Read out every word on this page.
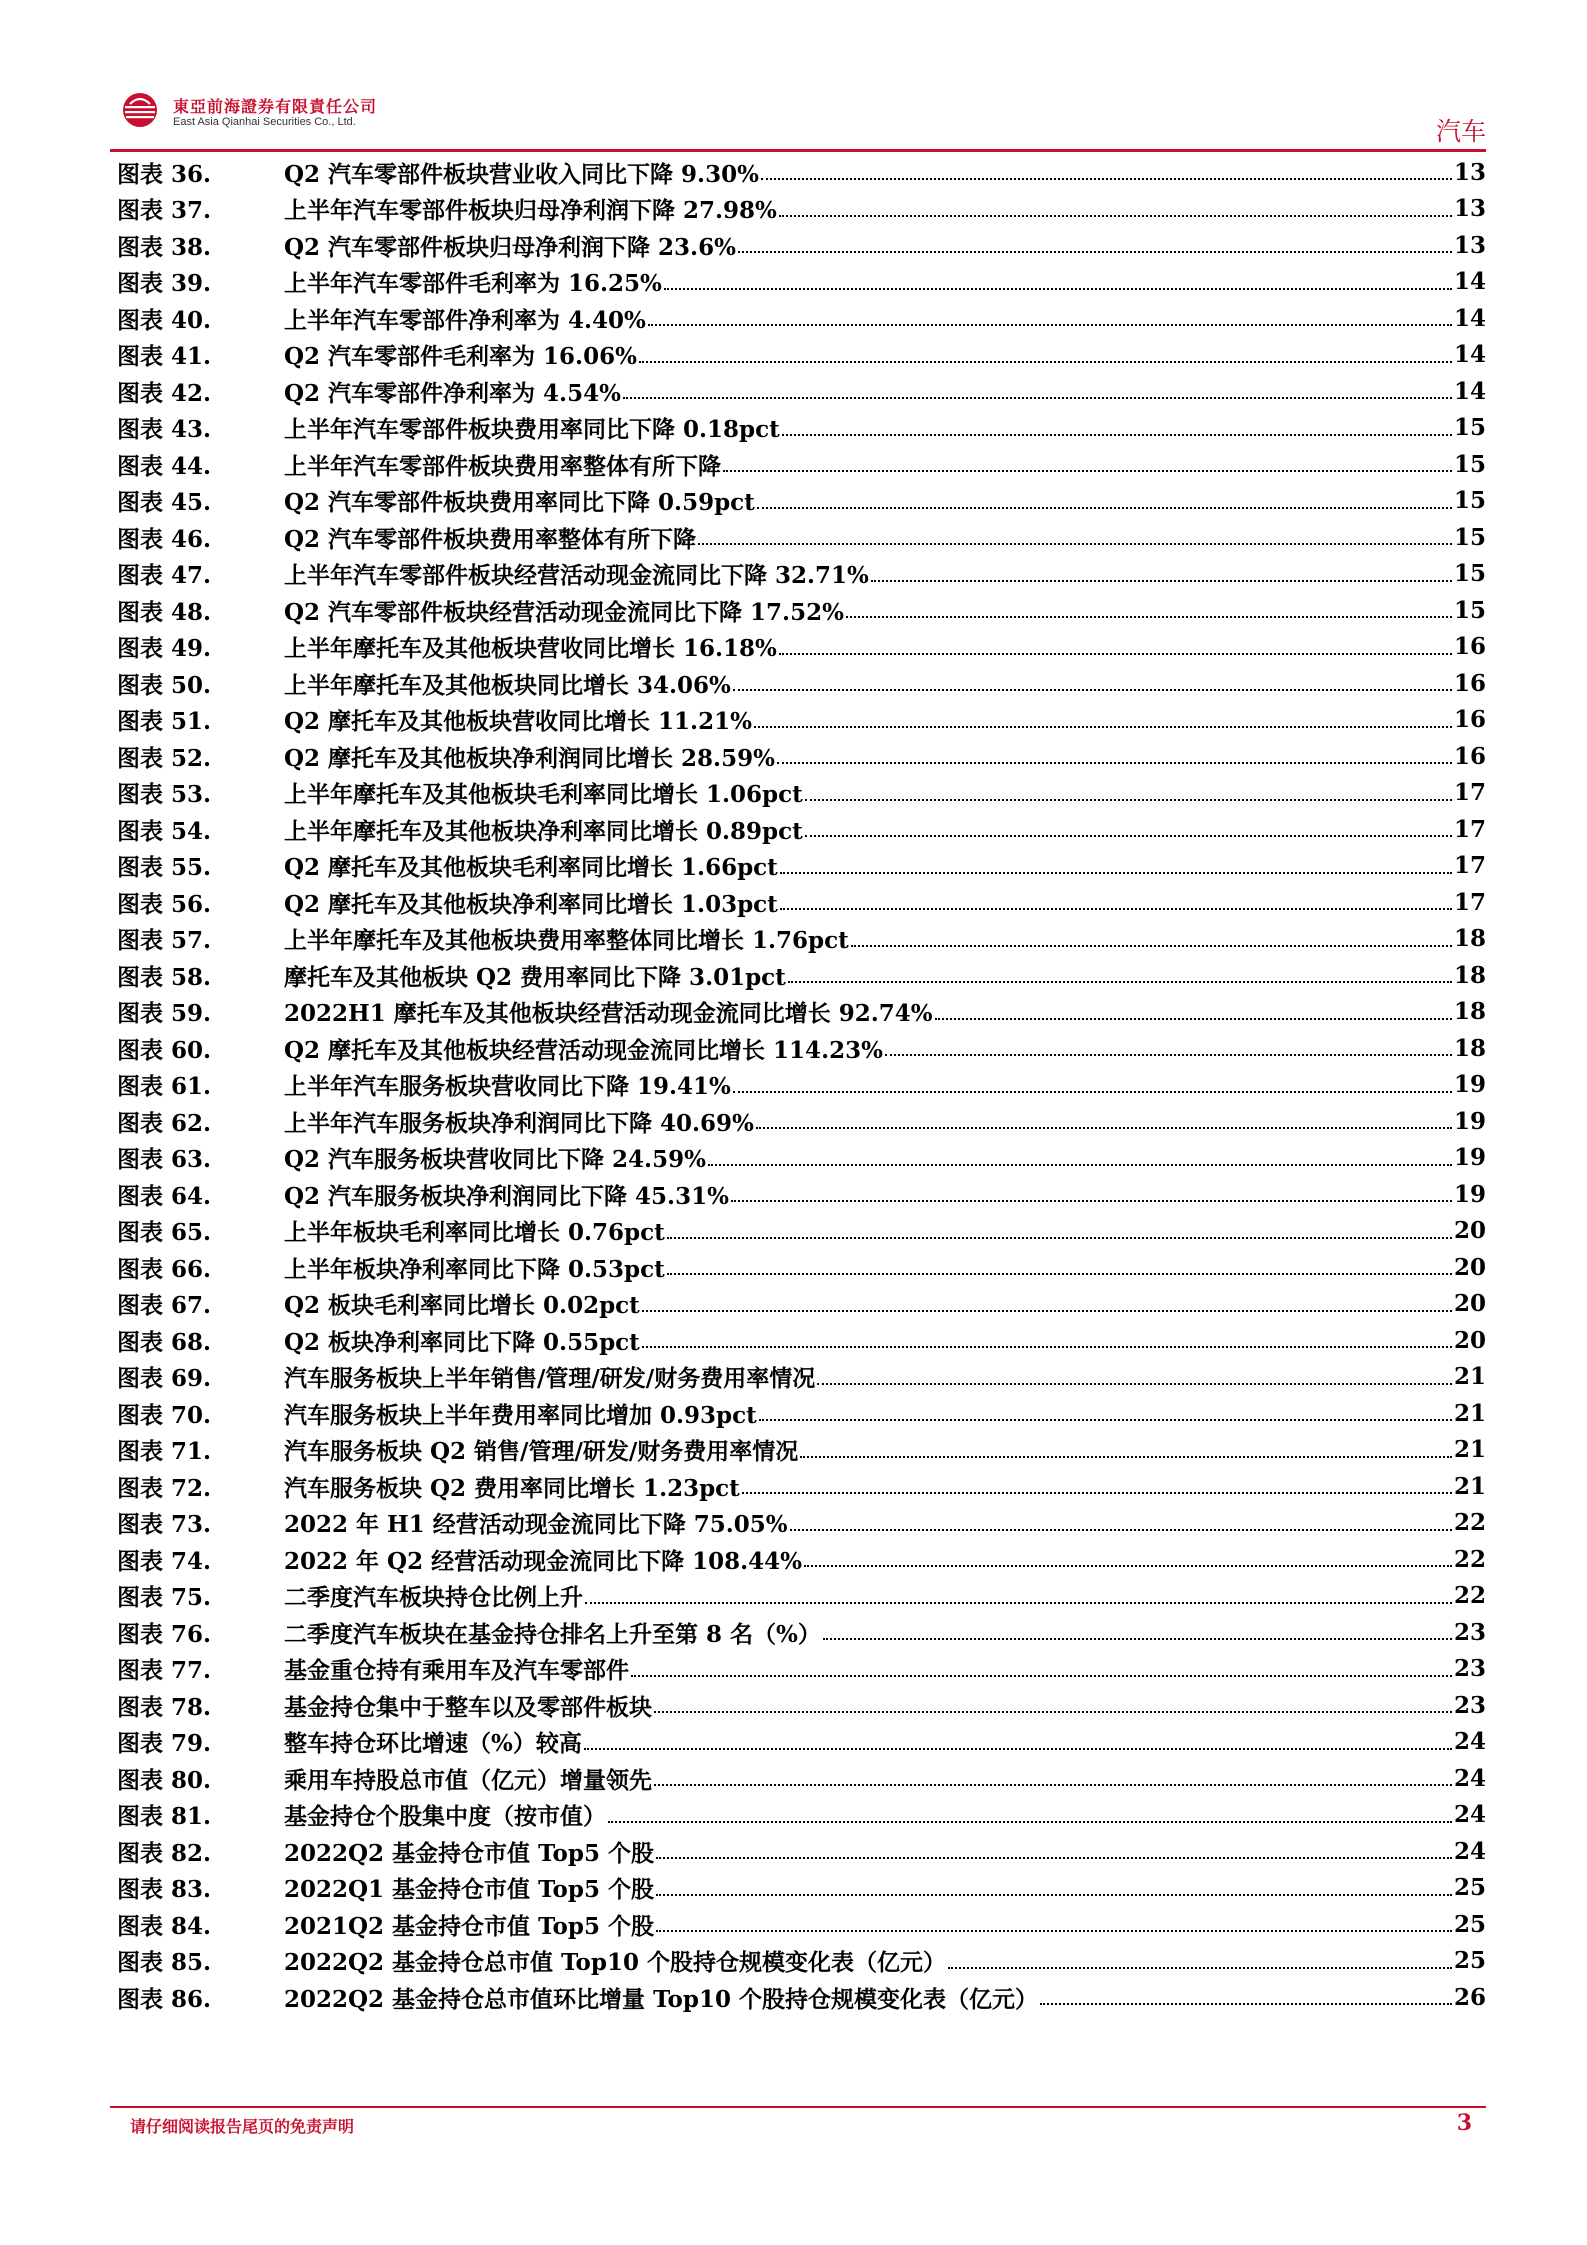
東亞前海證券有限責任公司
East Asia Qianhai Securities Co., Ltd.	汽车
图表 36.	Q2 汽车零部件板块营业收入同比下降 9.30%	13
图表 37.	上半年汽车零部件板块归母净利润下降 27.98%	13
图表 38.	Q2 汽车零部件板块归母净利润下降 23.6%	13
图表 39.	上半年汽车零部件毛利率为 16.25%	14
图表 40.	上半年汽车零部件净利率为 4.40%	14
图表 41.	Q2 汽车零部件毛利率为 16.06%	14
图表 42.	Q2 汽车零部件净利率为 4.54%	14
图表 43.	上半年汽车零部件板块费用率同比下降 0.18pct	15
图表 44.	上半年汽车零部件板块费用率整体有所下降	15
图表 45.	Q2 汽车零部件板块费用率同比下降 0.59pct	15
图表 46.	Q2 汽车零部件板块费用率整体有所下降	15
图表 47.	上半年汽车零部件板块经营活动现金流同比下降 32.71%	15
图表 48.	Q2 汽车零部件板块经营活动现金流同比下降 17.52%	15
图表 49.	上半年摩托车及其他板块营收同比增长 16.18%	16
图表 50.	上半年摩托车及其他板块同比增长 34.06%	16
图表 51.	Q2 摩托车及其他板块营收同比增长 11.21%	16
图表 52.	Q2 摩托车及其他板块净利润同比增长 28.59%	16
图表 53.	上半年摩托车及其他板块毛利率同比增长 1.06pct	17
图表 54.	上半年摩托车及其他板块净利率同比增长 0.89pct	17
图表 55.	Q2 摩托车及其他板块毛利率同比增长 1.66pct	17
图表 56.	Q2 摩托车及其他板块净利率同比增长 1.03pct	17
图表 57.	上半年摩托车及其他板块费用率整体同比增长 1.76pct	18
图表 58.	摩托车及其他板块 Q2 费用率同比下降 3.01pct	18
图表 59.	2022H1 摩托车及其他板块经营活动现金流同比增长 92.74%	18
图表 60.	Q2 摩托车及其他板块经营活动现金流同比增长 114.23%	18
图表 61.	上半年汽车服务板块营收同比下降 19.41%	19
图表 62.	上半年汽车服务板块净利润同比下降 40.69%	19
图表 63.	Q2 汽车服务板块营收同比下降 24.59%	19
图表 64.	Q2 汽车服务板块净利润同比下降 45.31%	19
图表 65.	上半年板块毛利率同比增长 0.76pct	20
图表 66.	上半年板块净利率同比下降 0.53pct	20
图表 67.	Q2 板块毛利率同比增长 0.02pct	20
图表 68.	Q2 板块净利率同比下降 0.55pct	20
图表 69.	汽车服务板块上半年销售/管理/研发/财务费用率情况	21
图表 70.	汽车服务板块上半年费用率同比增加 0.93pct	21
图表 71.	汽车服务板块 Q2 销售/管理/研发/财务费用率情况	21
图表 72.	汽车服务板块 Q2 费用率同比增长 1.23pct	21
图表 73.	2022 年 H1 经营活动现金流同比下降 75.05%	22
图表 74.	2022 年 Q2 经营活动现金流同比下降 108.44%	22
图表 75.	二季度汽车板块持仓比例上升	22
图表 76.	二季度汽车板块在基金持仓排名上升至第 8 名（%）	23
图表 77.	基金重仓持有乘用车及汽车零部件	23
图表 78.	基金持仓集中于整车以及零部件板块	23
图表 79.	整车持仓环比增速（%）较高	24
图表 80.	乘用车持股总市值（亿元）增量领先	24
图表 81.	基金持仓个股集中度（按市值）	24
图表 82.	2022Q2 基金持仓市值 Top5 个股	24
图表 83.	2022Q1 基金持仓市值 Top5 个股	25
图表 84.	2021Q2 基金持仓市值 Top5 个股	25
图表 85.	2022Q2 基金持仓总市值 Top10 个股持仓规模变化表（亿元）	25
图表 86.	2022Q2 基金持仓总市值环比增量 Top10 个股持仓规模变化表（亿元）	26
请仔细阅读报告尾页的免责声明	3
